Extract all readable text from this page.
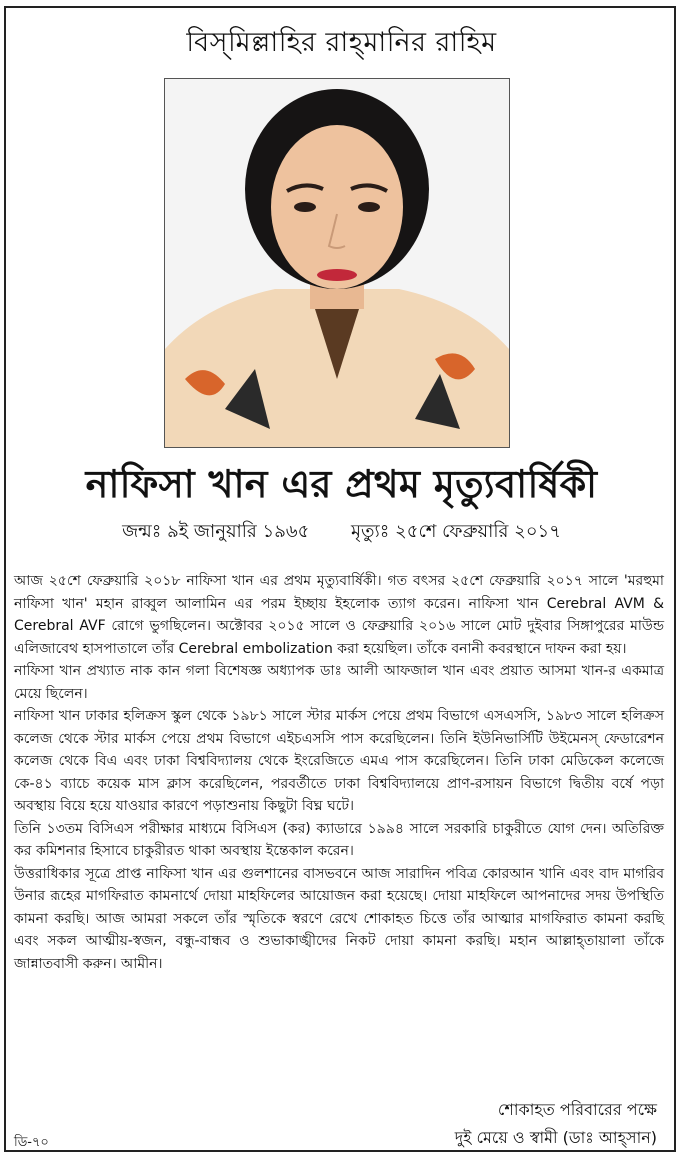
বিস্‌মিল্লাহির রাহ্‌মানির রাহিম
নাফিসা খান এর প্রথম মৃত্যুবার্ষিকী
জন্মঃ ৯ই জানুয়ারি ১৯৬৫ মৃত্যুঃ ২৫শে ফেব্রুয়ারি ২০১৭

আজ ২৫শে ফেব্রুয়ারি ২০১৮ নাফিসা খান এর প্রথম মৃত্যুবার্ষিকী। গত বৎসর ২৫শে ফেব্রুয়ারি ২০১৭ সালে 'মরহুমা নাফিসা খান' মহান রাব্বুল আলামিন এর পরম ইচ্ছায় ইহলোক ত্যাগ করেন। নাফিসা খান Cerebral AVM & Cerebral AVF রোগে ভুগছিলেন। অক্টোবর ২০১৫ সালে ও ফেব্রুয়ারি ২০১৬ সালে মোট দুইবার সিঙ্গাপুরের মাউন্ড এলিজাবেথ হাসপাতালে তাঁর Cerebral embolization করা হয়েছিল। তাঁকে বনানী কবরস্থানে দাফন করা হয়।

নাফিসা খান প্রখ্যাত নাক কান গলা বিশেষজ্ঞ অধ্যাপক ডাঃ আলী আফজাল খান এবং প্রয়াত আসমা খান-র একমাত্র মেয়ে ছিলেন।

নাফিসা খান ঢাকার হলিক্রস স্কুল থেকে ১৯৮১ সালে স্টার মার্কস পেয়ে প্রথম বিভাগে এসএসসি, ১৯৮৩ সালে হলিক্রস কলেজ থেকে স্টার মার্কস পেয়ে প্রথম বিভাগে এইচএসসি পাস করেছিলেন। তিনি ইউনিভার্সিটি উইমেনস্ ফেডারেশন কলেজ থেকে বিএ এবং ঢাকা বিশ্ববিদ্যালয় থেকে ইংরেজিতে এমএ পাস করেছিলেন। তিনি ঢাকা মেডিকেল কলেজে কে-৪১ ব্যাচে কয়েক মাস ক্লাস করেছিলেন, পরবর্তীতে ঢাকা বিশ্ববিদ্যালয়ে প্রাণ-রসায়ন বিভাগে দ্বিতীয় বর্ষে পড়া অবস্থায় বিয়ে হয়ে যাওয়ার কারণে পড়াশুনায় কিছুটা বিঘ্ন ঘটে।

তিনি ১৩তম বিসিএস পরীক্ষার মাধ্যমে বিসিএস (কর) ক্যাডারে ১৯৯৪ সালে সরকারি চাকুরীতে যোগ দেন। অতিরিক্ত কর কমিশনার হিসাবে চাকুরীরত থাকা অবস্থায় ইন্তেকাল করেন।

উত্তরাধিকার সূত্রে প্রাপ্ত নাফিসা খান এর গুলশানের বাসভবনে আজ সারাদিন পবিত্র কোরআন খানি এবং বাদ মাগরিব উনার রূহের মাগফিরাত কামনার্থে দোয়া মাহফিলের আয়োজন করা হয়েছে। দোয়া মাহফিলে আপনাদের সদয় উপস্থিতি কামনা করছি। আজ আমরা সকলে তাঁর স্মৃতিকে স্বরণে রেখে শোকাহত চিত্তে তাঁর আত্মার মাগফিরাত কামনা করছি এবং সকল আত্মীয়-স্বজন, বন্ধু-বান্ধব ও শুভাকাঙ্খীদের নিকট দোয়া কামনা করছি। মহান আল্লাহ্‌তায়ালা তাঁকে জান্নাতবাসী করুন। আমীন।

শোকাহত পরিবারের পক্ষে
দুই মেয়ে ও স্বামী (ডাঃ আহ্‌সান)
ডি-৭০
